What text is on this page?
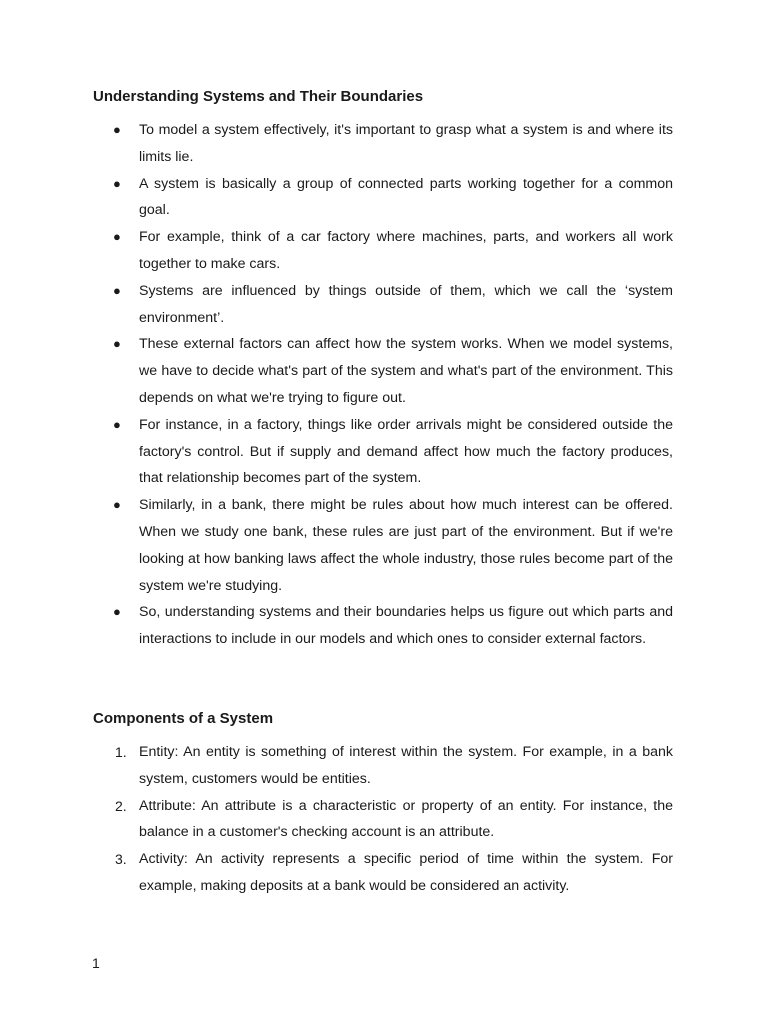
Understanding Systems and Their Boundaries
● To model a system effectively, it's important to grasp what a system is and where its limits lie.
● A system is basically a group of connected parts working together for a common goal.
● For example, think of a car factory where machines, parts, and workers all work together to make cars.
● Systems are influenced by things outside of them, which we call the ‘system environment’.
● These external factors can affect how the system works. When we model systems, we have to decide what's part of the system and what's part of the environment. This depends on what we're trying to figure out.
● For instance, in a factory, things like order arrivals might be considered outside the factory's control. But if supply and demand affect how much the factory produces, that relationship becomes part of the system.
● Similarly, in a bank, there might be rules about how much interest can be offered. When we study one bank, these rules are just part of the environment. But if we're looking at how banking laws affect the whole industry, those rules become part of the system we're studying.
● So, understanding systems and their boundaries helps us figure out which parts and interactions to include in our models and which ones to consider external factors.
Components of a System
1. Entity: An entity is something of interest within the system. For example, in a bank system, customers would be entities.
2. Attribute: An attribute is a characteristic or property of an entity. For instance, the balance in a customer's checking account is an attribute.
3. Activity: An activity represents a specific period of time within the system. For example, making deposits at a bank would be considered an activity.
1
